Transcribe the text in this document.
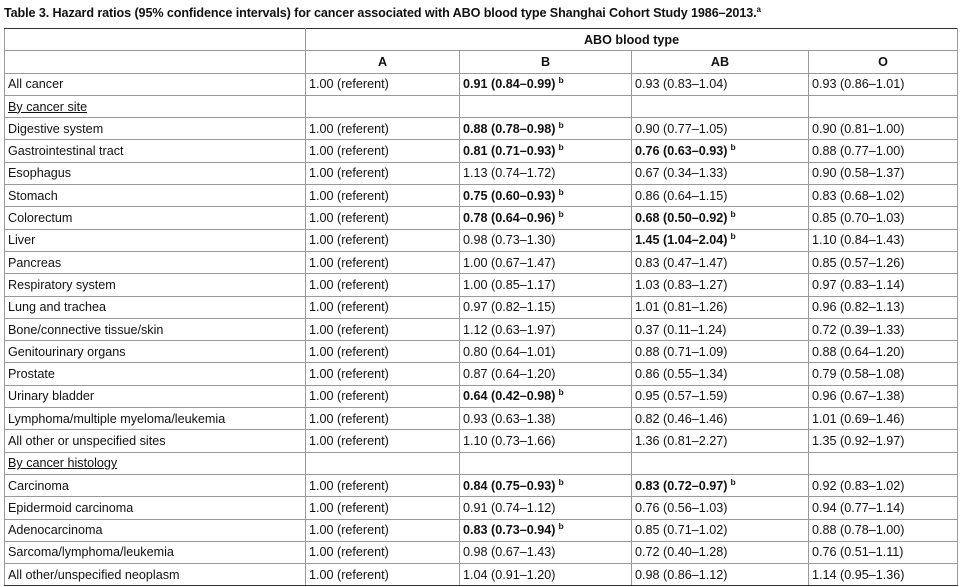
Table 3. Hazard ratios (95% confidence intervals) for cancer associated with ABO blood type Shanghai Cohort Study 1986–2013.$^a$
	ABO blood type			
	A	B	AB	O
All cancer	1.00 (referent)	0.91 (0.84–0.99) $^b$	0.93 (0.83–1.04)	0.93 (0.86–1.01)
By cancer site				
Digestive system	1.00 (referent)	0.88 (0.78–0.98) $^b$	0.90 (0.77–1.05)	0.90 (0.81–1.00)
Gastrointestinal tract	1.00 (referent)	0.81 (0.71–0.93) $^b$	0.76 (0.63–0.93) $^b$	0.88 (0.77–1.00)
Esophagus	1.00 (referent)	1.13 (0.74–1.72)	0.67 (0.34–1.33)	0.90 (0.58–1.37)
Stomach	1.00 (referent)	0.75 (0.60–0.93) $^b$	0.86 (0.64–1.15)	0.83 (0.68–1.02)
Colorectum	1.00 (referent)	0.78 (0.64–0.96) $^b$	0.68 (0.50–0.92) $^b$	0.85 (0.70–1.03)
Liver	1.00 (referent)	0.98 (0.73–1.30)	1.45 (1.04–2.04) $^b$	1.10 (0.84–1.43)
Pancreas	1.00 (referent)	1.00 (0.67–1.47)	0.83 (0.47–1.47)	0.85 (0.57–1.26)
Respiratory system	1.00 (referent)	1.00 (0.85–1.17)	1.03 (0.83–1.27)	0.97 (0.83–1.14)
Lung and trachea	1.00 (referent)	0.97 (0.82–1.15)	1.01 (0.81–1.26)	0.96 (0.82–1.13)
Bone/connective tissue/skin	1.00 (referent)	1.12 (0.63–1.97)	0.37 (0.11–1.24)	0.72 (0.39–1.33)
Genitourinary organs	1.00 (referent)	0.80 (0.64–1.01)	0.88 (0.71–1.09)	0.88 (0.64–1.20)
Prostate	1.00 (referent)	0.87 (0.64–1.20)	0.86 (0.55–1.34)	0.79 (0.58–1.08)
Urinary bladder	1.00 (referent)	0.64 (0.42–0.98) $^b$	0.95 (0.57–1.59)	0.96 (0.67–1.38)
Lymphoma/multiple myeloma/leukemia	1.00 (referent)	0.93 (0.63–1.38)	0.82 (0.46–1.46)	1.01 (0.69–1.46)
All other or unspecified sites	1.00 (referent)	1.10 (0.73–1.66)	1.36 (0.81–2.27)	1.35 (0.92–1.97)
By cancer histology				
Carcinoma	1.00 (referent)	0.84 (0.75–0.93) $^b$	0.83 (0.72–0.97) $^b$	0.92 (0.83–1.02)
Epidermoid carcinoma	1.00 (referent)	0.91 (0.74–1.12)	0.76 (0.56–1.03)	0.94 (0.77–1.14)
Adenocarcinoma	1.00 (referent)	0.83 (0.73–0.94) $^b$	0.85 (0.71–1.02)	0.88 (0.78–1.00)
Sarcoma/lymphoma/leukemia	1.00 (referent)	0.98 (0.67–1.43)	0.72 (0.40–1.28)	0.76 (0.51–1.11)
All other/unspecified neoplasm	1.00 (referent)	1.04 (0.91–1.20)	0.98 (0.86–1.12)	1.14 (0.95–1.36)
